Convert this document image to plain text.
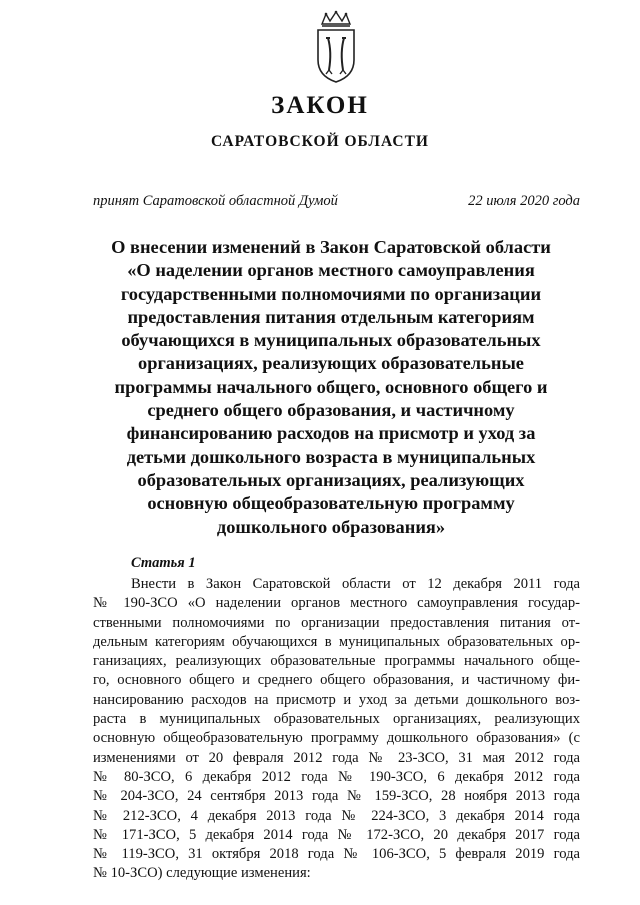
ЗАКОН
САРАТОВСКОЙ ОБЛАСТИ
принят Саратовской областной Думой	22 июля 2020 года
О внесении изменений в Закон Саратовской области
«О наделении органов местного самоуправления
государственными полномочиями по организации
предоставления питания отдельным категориям
обучающихся в муниципальных образовательных
организациях, реализующих образовательные
программы начального общего, основного общего и
среднего общего образования, и частичному
финансированию расходов на присмотр и уход за
детьми дошкольного возраста в муниципальных
образовательных организациях, реализующих
основную общеобразовательную программу
дошкольного образования»
Статья 1
Внести в Закон Саратовской области от 12 декабря 2011 года
№ 190-ЗСО «О наделении органов местного самоуправления государ-
ственными полномочиями по организации предоставления питания от-
дельным категориям обучающихся в муниципальных образовательных ор-
ганизациях, реализующих образовательные программы начального обще-
го, основного общего и среднего общего образования, и частичному фи-
нансированию расходов на присмотр и уход за детьми дошкольного воз-
раста в муниципальных образовательных организациях, реализующих
основную общеобразовательную программу дошкольного образования» (с
изменениями от 20 февраля 2012 года № 23-ЗСО, 31 мая 2012 года
№ 80-ЗСО, 6 декабря 2012 года № 190-ЗСО, 6 декабря 2012 года
№ 204-ЗСО, 24 сентября 2013 года № 159-ЗСО, 28 ноября 2013 года
№ 212-ЗСО, 4 декабря 2013 года № 224-ЗСО, 3 декабря 2014 года
№ 171-ЗСО, 5 декабря 2014 года № 172-ЗСО, 20 декабря 2017 года
№ 119-ЗСО, 31 октября 2018 года № 106-ЗСО, 5 февраля 2019 года
№ 10-ЗСО) следующие изменения:
